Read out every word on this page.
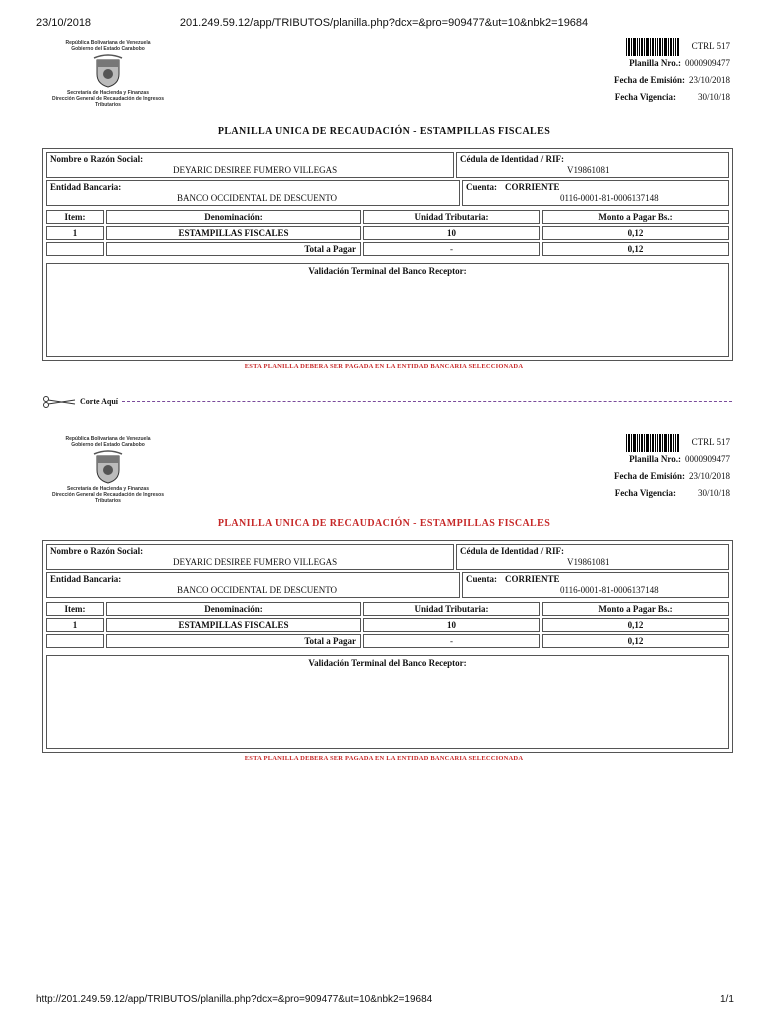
23/10/2018	201.249.59.12/app/TRIBUTOS/planilla.php?dcx=&pro=909477&ut=10&nbk2=19684
República Bolivariana de Venezuela
Gobierno del Estado Carabobo
Secretaría de Hacienda y Finanzas
Dirección General de Recaudación de Ingresos
Tributarios
CTRL 517
Planilla Nro.: 0000909477
Fecha de Emisión: 23/10/2018
Fecha Vigencia:	30/10/18
PLANILLA UNICA DE RECAUDACIÓN - ESTAMPILLAS FISCALES
Nombre o Razón Social:
DEYARIC DESIREE FUMERO VILLEGAS
Cédula de Identidad / RIF:
V19861081
Entidad Bancaria:
BANCO OCCIDENTAL DE DESCUENTO
Cuenta: CORRIENTE
0116-0001-81-0006137148
Item:	Denominación:	Unidad Tributaria:	Monto a Pagar Bs.:
1	ESTAMPILLAS FISCALES	10	0,12
Total a Pagar	-	0,12
Validación Terminal del Banco Receptor:
ESTA PLANILLA DEBERA SER PAGADA EN LA ENTIDAD BANCARIA SELECCIONADA
Corte Aquí
República Bolivariana de Venezuela
Gobierno del Estado Carabobo
Secretaría de Hacienda y Finanzas
Dirección General de Recaudación de Ingresos
Tributarios
CTRL 517
Planilla Nro.: 0000909477
Fecha de Emisión: 23/10/2018
Fecha Vigencia:	30/10/18
PLANILLA UNICA DE RECAUDACIÓN - ESTAMPILLAS FISCALES
Nombre o Razón Social:
DEYARIC DESIREE FUMERO VILLEGAS
Cédula de Identidad / RIF:
V19861081
Entidad Bancaria:
BANCO OCCIDENTAL DE DESCUENTO
Cuenta: CORRIENTE
0116-0001-81-0006137148
Item:	Denominación:	Unidad Tributaria:	Monto a Pagar Bs.:
1	ESTAMPILLAS FISCALES	10	0,12
Total a Pagar	-	0,12
Validación Terminal del Banco Receptor:
ESTA PLANILLA DEBERA SER PAGADA EN LA ENTIDAD BANCARIA SELECCIONADA
http://201.249.59.12/app/TRIBUTOS/planilla.php?dcx=&pro=909477&ut=10&nbk2=19684	1/1
